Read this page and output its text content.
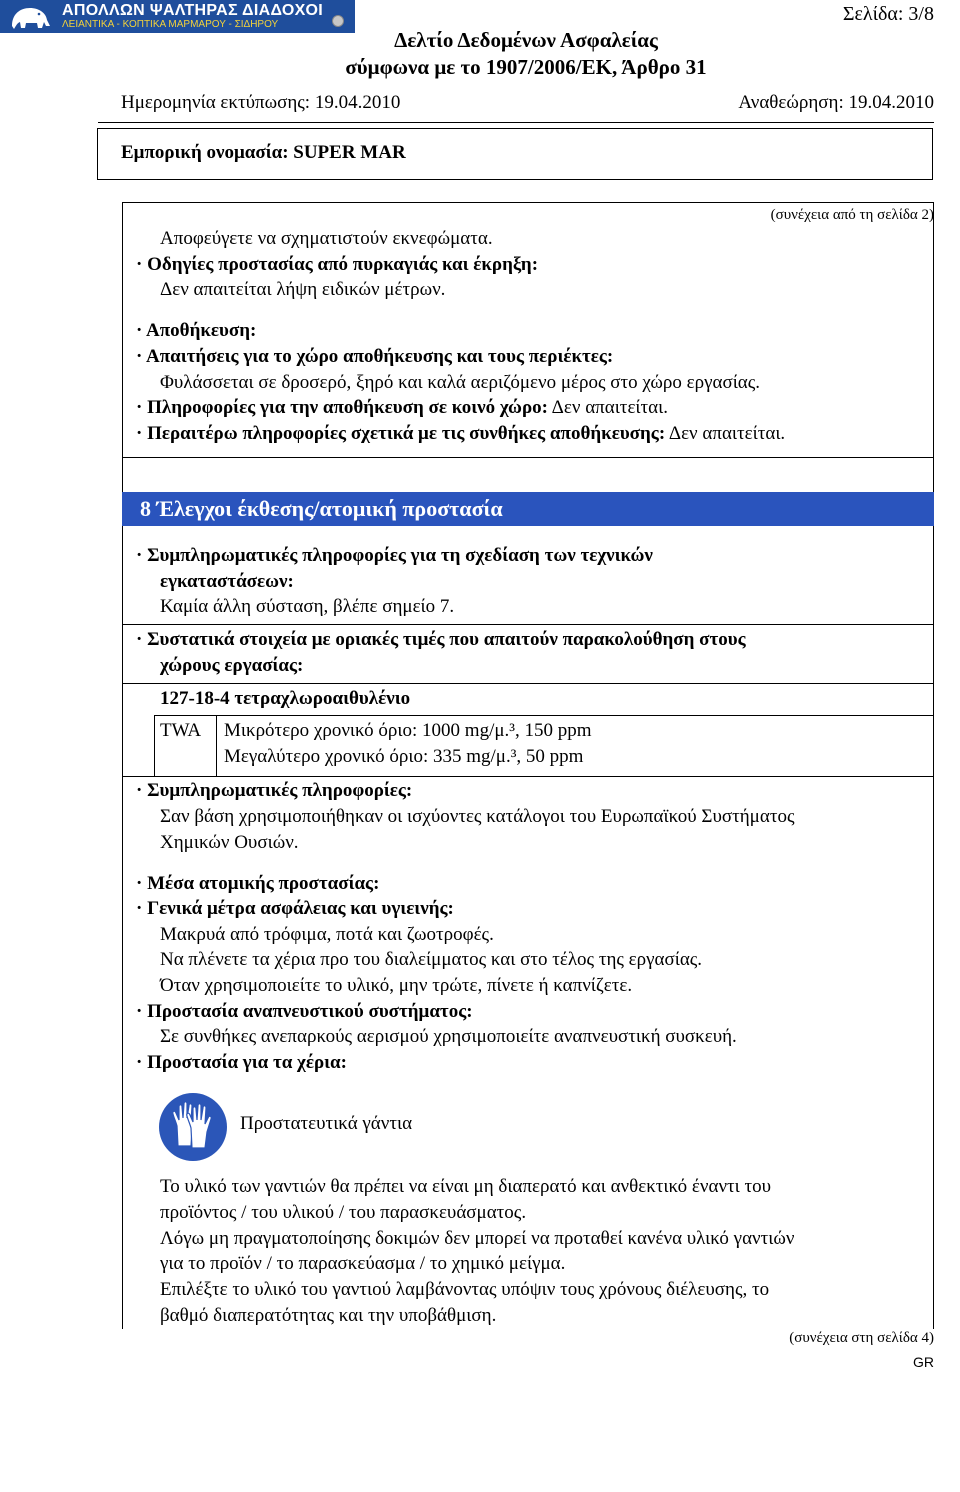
ΑΠΟΛΛΩΝ ΨΑΛΤΗΡΑΣ ΔΙΑΔΟΧΟΙ
ΛΕΙΑΝΤΙΚΑ - ΚΟΠΤΙΚΑ ΜΑΡΜΑΡΟΥ - ΣΙΔΗΡΟΥ	Σελίδα: 3/8
Δελτίο Δεδομένων Ασφαλείας
σύμφωνα με το 1907/2006/ΕΚ, Άρθρο 31
Ημερομηνία εκτύπωσης: 19.04.2010	Αναθεώρηση: 19.04.2010
Εμπορική ονομασία: SUPER MAR
(συνέχεια από τη σελίδα 2)
Αποφεύγετε να σχηματιστούν εκνεφώματα.
· Οδηγίες προστασίας από πυρκαγιάς και έκρηξη:
Δεν απαιτείται λήψη ειδικών μέτρων.
· Αποθήκευση:
· Απαιτήσεις για το χώρο αποθήκευσης και τους περιέκτες:
Φυλάσσεται σε δροσερό, ξηρό και καλά αεριζόμενο μέρος στο χώρο εργασίας.
· Πληροφορίες για την αποθήκευση σε κοινό χώρο: Δεν απαιτείται.
· Περαιτέρω πληροφορίες σχετικά με τις συνθήκες αποθήκευσης: Δεν απαιτείται.
8 Έλεγχοι έκθεσης/ατομική προστασία
· Συμπληρωματικές πληροφορίες για τη σχεδίαση των τεχνικών
εγκαταστάσεων:
Καμία άλλη σύσταση, βλέπε σημείο 7.
· Συστατικά στοιχεία με οριακές τιμές που απαιτούν παρακολούθηση στους
χώρους εργασίας:
127-18-4 τετραχλωροαιθυλένιο
TWA Μικρότερο χρονικό όριο: 1000 mg/μ.³, 150 ppm
Μεγαλύτερο χρονικό όριο: 335 mg/μ.³, 50 ppm
· Συμπληρωματικές πληροφορίες:
Σαν βάση χρησιμοποιήθηκαν οι ισχύοντες κατάλογοι του Ευρωπαϊκού Συστήματος
Χημικών Ουσιών.
· Μέσα ατομικής προστασίας:
· Γενικά μέτρα ασφάλειας και υγιεινής:
Μακρυά από τρόφιμα, ποτά και ζωοτροφές.
Να πλένετε τα χέρια προ του διαλείμματος και στο τέλος της εργασίας.
Όταν χρησιμοποιείτε το υλικό, μην τρώτε, πίνετε ή καπνίζετε.
· Προστασία αναπνευστικού συστήματος:
Σε συνθήκες ανεπαρκούς αερισμού χρησιμοποιείτε αναπνευστική συσκευή.
· Προστασία για τα χέρια:
Προστατευτικά γάντια
Το υλικό των γαντιών θα πρέπει να είναι μη διαπερατό και ανθεκτικό έναντι του
προϊόντος / του υλικού / του παρασκευάσματος.
Λόγω μη πραγματοποίησης δοκιμών δεν μπορεί να προταθεί κανένα υλικό γαντιών
για το προϊόν / το παρασκεύασμα / το χημικό μείγμα.
Επιλέξτε το υλικό του γαντιού λαμβάνοντας υπόψιν τους χρόνους διέλευσης, το
βαθμό διαπερατότητας και την υποβάθμιση.
(συνέχεια στη σελίδα 4)
GR
